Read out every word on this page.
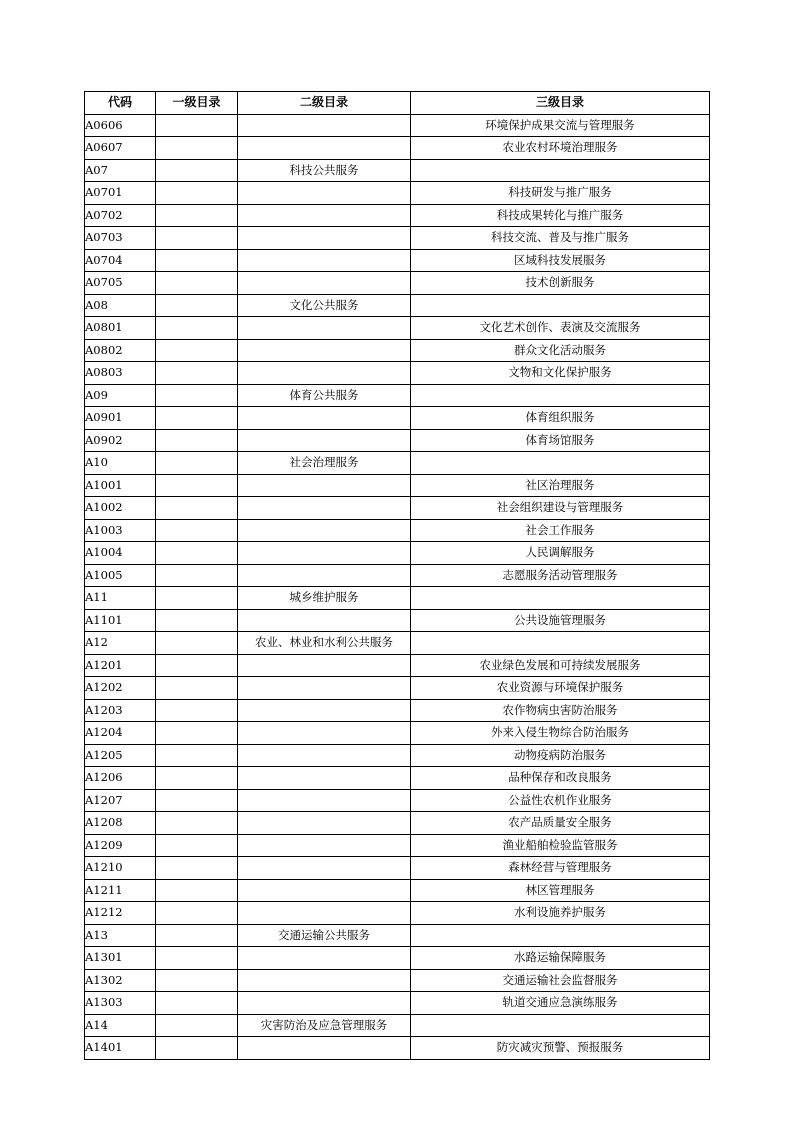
代码	一级目录	二级目录	三级目录
A0606			环境保护成果交流与管理服务
A0607			农业农村环境治理服务
A07		科技公共服务	
A0701			科技研发与推广服务
A0702			科技成果转化与推广服务
A0703			科技交流、普及与推广服务
A0704			区域科技发展服务
A0705			技术创新服务
A08		文化公共服务	
A0801			文化艺术创作、表演及交流服务
A0802			群众文化活动服务
A0803			文物和文化保护服务
A09		体育公共服务	
A0901			体育组织服务
A0902			体育场馆服务
A10		社会治理服务	
A1001			社区治理服务
A1002			社会组织建设与管理服务
A1003			社会工作服务
A1004			人民调解服务
A1005			志愿服务活动管理服务
A11		城乡维护服务	
A1101			公共设施管理服务
A12		农业、林业和水利公共服务	
A1201			农业绿色发展和可持续发展服务
A1202			农业资源与环境保护服务
A1203			农作物病虫害防治服务
A1204			外来入侵生物综合防治服务
A1205			动物疫病防治服务
A1206			品种保存和改良服务
A1207			公益性农机作业服务
A1208			农产品质量安全服务
A1209			渔业船舶检验监管服务
A1210			森林经营与管理服务
A1211			林区管理服务
A1212			水利设施养护服务
A13		交通运输公共服务	
A1301			水路运输保障服务
A1302			交通运输社会监督服务
A1303			轨道交通应急演练服务
A14		灾害防治及应急管理服务	
A1401			防灾减灾预警、预报服务
